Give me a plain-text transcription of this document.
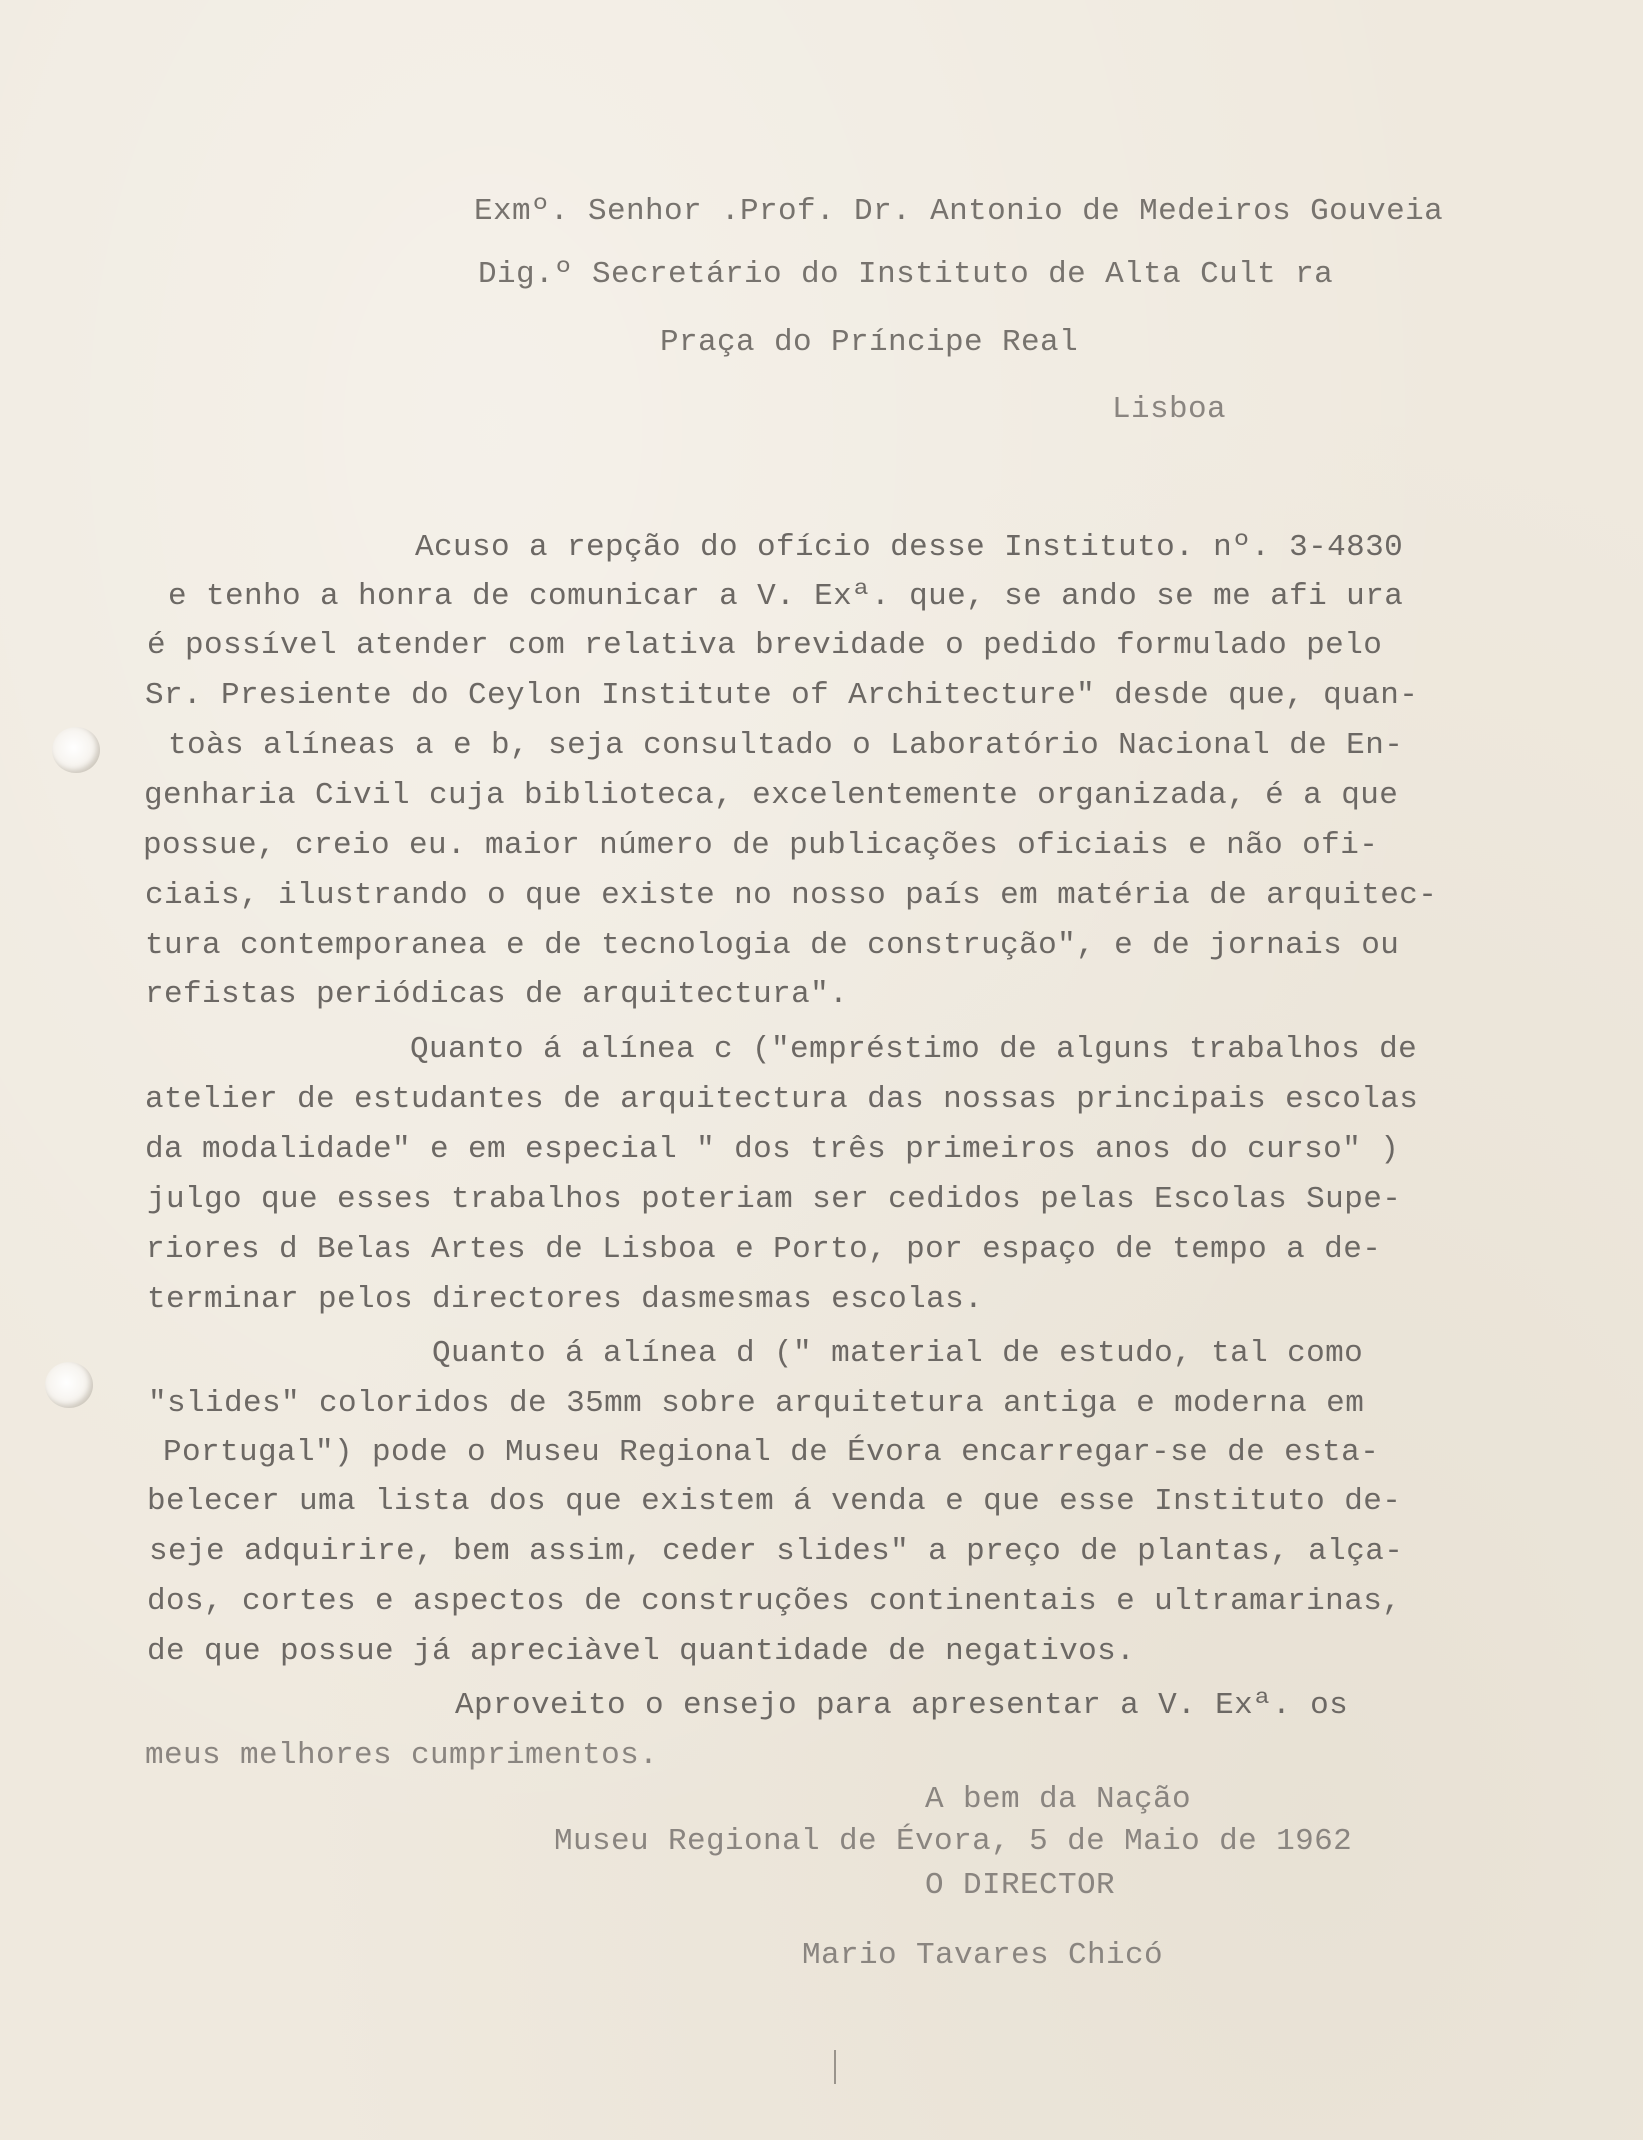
Exmº. Senhor .Prof. Dr. Antonio de Medeiros Gouveia
Dig.º Secretário do Instituto de Alta Cult ra
Praça do Príncipe Real
Lisboa
Acuso a repção do ofício desse Instituto. nº. 3-4830
e tenho a honra de comunicar a V. Exª. que, se ando se me afi ura
é possível atender com relativa brevidade o pedido formulado pelo
Sr. Presiente do Ceylon Institute of Architecture" desde que, quan-
toàs alíneas a e b, seja consultado o Laboratório Nacional de En-
genharia Civil cuja biblioteca, excelentemente organizada, é a que
possue, creio eu. maior número de publicações oficiais e não ofi-
ciais, ilustrando o que existe no nosso país em matéria de arquitec-
tura contemporanea e de tecnologia de construção", e de jornais ou
refistas periódicas de arquitectura".
Quanto á alínea c ("empréstimo de alguns trabalhos de
atelier de estudantes de arquitectura das nossas principais escolas
da modalidade" e em especial " dos três primeiros anos do curso" )
julgo que esses trabalhos poteriam ser cedidos pelas Escolas Supe-
riores d Belas Artes de Lisboa e Porto, por espaço de tempo a de-
terminar pelos directores dasmesmas escolas.
Quanto á alínea d (" material de estudo, tal como
"slides" coloridos de 35mm sobre arquitetura antiga e moderna em
Portugal") pode o Museu Regional de Évora encarregar-se de esta-
belecer uma lista dos que existem á venda e que esse Instituto de-
seje adquirire, bem assim, ceder slides" a preço de plantas, alça-
dos, cortes e aspectos de construções continentais e ultramarinas,
de que possue já apreciàvel quantidade de negativos.
Aproveito o ensejo para apresentar a V. Exª. os
meus melhores cumprimentos.
A bem da Nação
Museu Regional de Évora, 5 de Maio de 1962
O DIRECTOR
Mario Tavares Chicó
